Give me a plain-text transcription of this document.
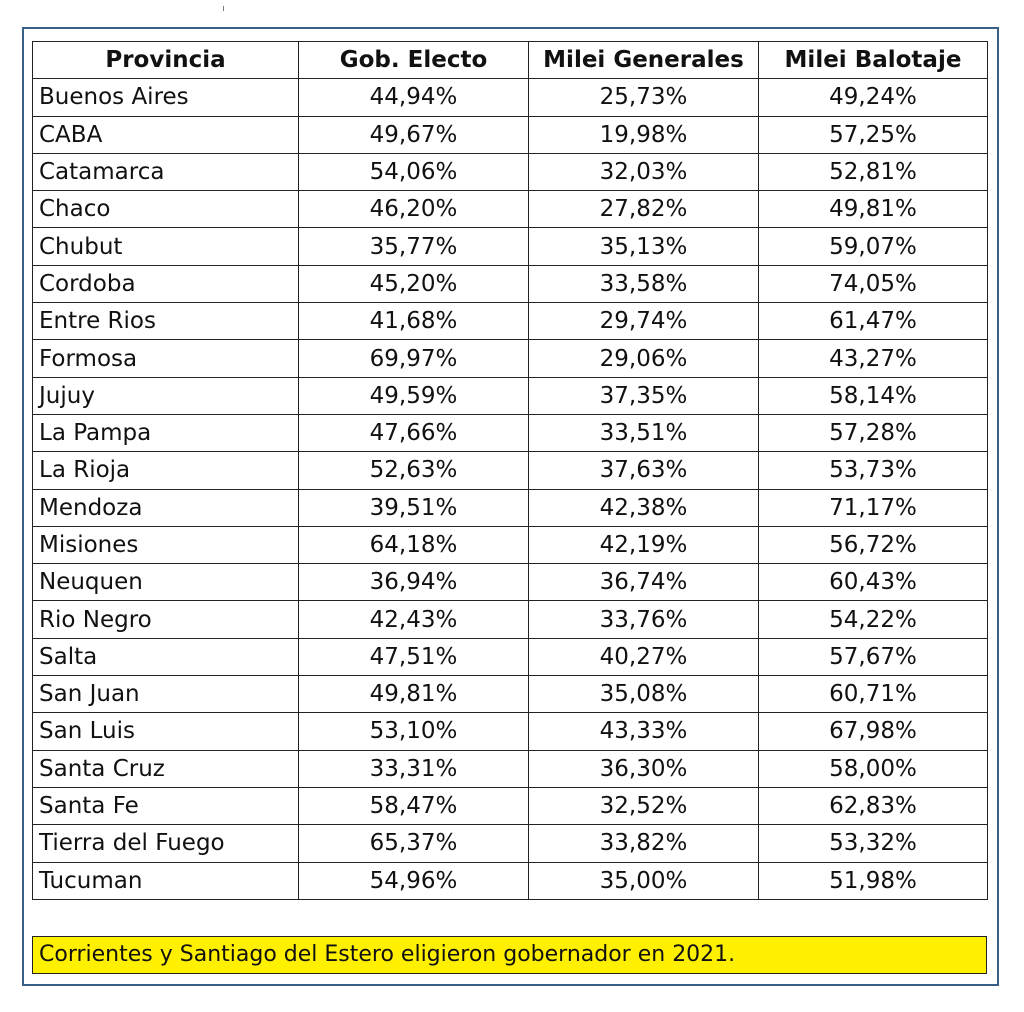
Provincia	Gob. Electo	Milei Generales	Milei Balotaje
Buenos Aires	44,94%	25,73%	49,24%
CABA	49,67%	19,98%	57,25%
Catamarca	54,06%	32,03%	52,81%
Chaco	46,20%	27,82%	49,81%
Chubut	35,77%	35,13%	59,07%
Cordoba	45,20%	33,58%	74,05%
Entre Rios	41,68%	29,74%	61,47%
Formosa	69,97%	29,06%	43,27%
Jujuy	49,59%	37,35%	58,14%
La Pampa	47,66%	33,51%	57,28%
La Rioja	52,63%	37,63%	53,73%
Mendoza	39,51%	42,38%	71,17%
Misiones	64,18%	42,19%	56,72%
Neuquen	36,94%	36,74%	60,43%
Rio Negro	42,43%	33,76%	54,22%
Salta	47,51%	40,27%	57,67%
San Juan	49,81%	35,08%	60,71%
San Luis	53,10%	43,33%	67,98%
Santa Cruz	33,31%	36,30%	58,00%
Santa Fe	58,47%	32,52%	62,83%
Tierra del Fuego	65,37%	33,82%	53,32%
Tucuman	54,96%	35,00%	51,98%
Corrientes y Santiago del Estero eligieron gobernador en 2021.
